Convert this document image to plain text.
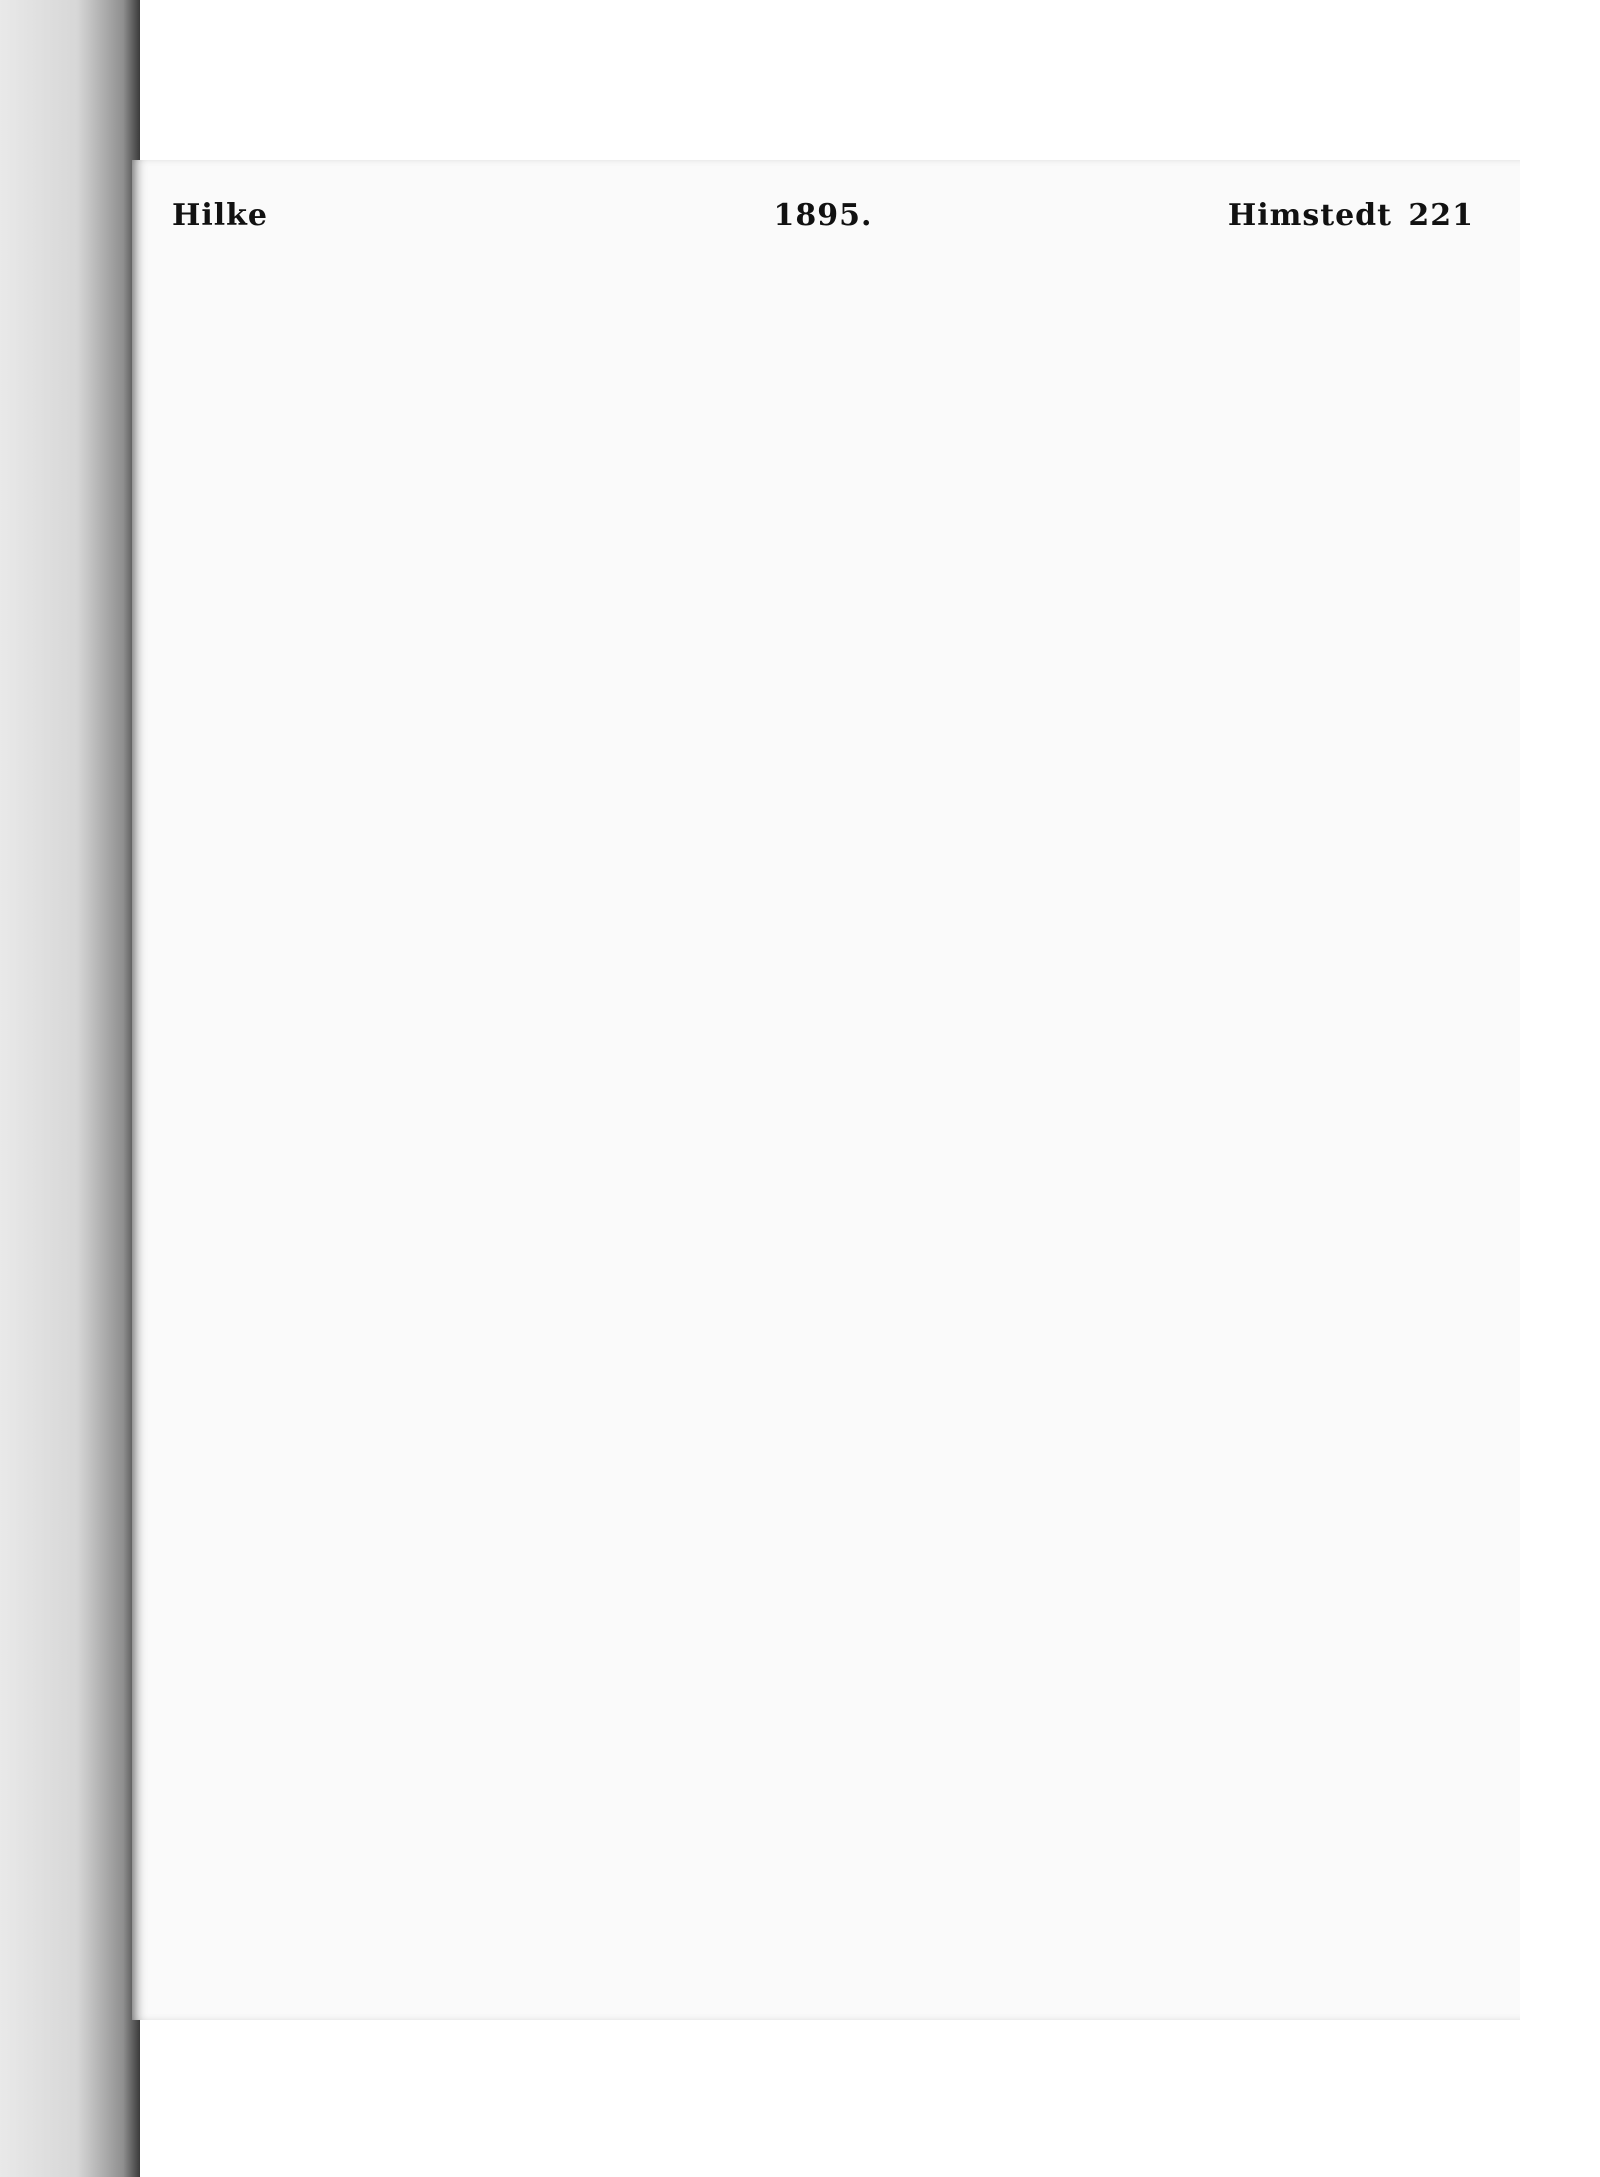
Hilke	1895.	Himstedt 221
